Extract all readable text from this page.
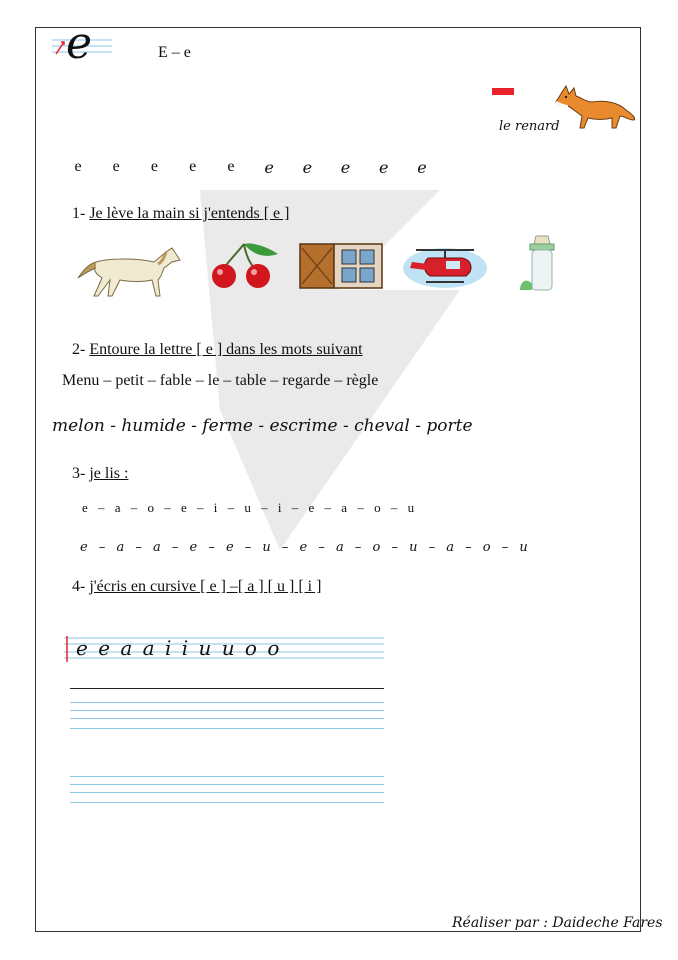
e	E – e
le renard
e	e	e	e	e	e	e	e	e	e
1- Je lève la main si j'entends [ e ]
2- Entoure la lettre [ e ] dans les mots suivant
Menu – petit – fable – le – table – regarde – règle
melon - humide - ferme - escrime - cheval - porte
3- je lis :
e – a – o – e – i – u – i – e – a – o – u
e – a – a – e – e – u – e – a – o – u – a – o – u
4- j'écris en cursive [ e ] –[ a ] [ u ] [ i ]
e e a a i i u u o o
Réaliser par : Daideche Fares
